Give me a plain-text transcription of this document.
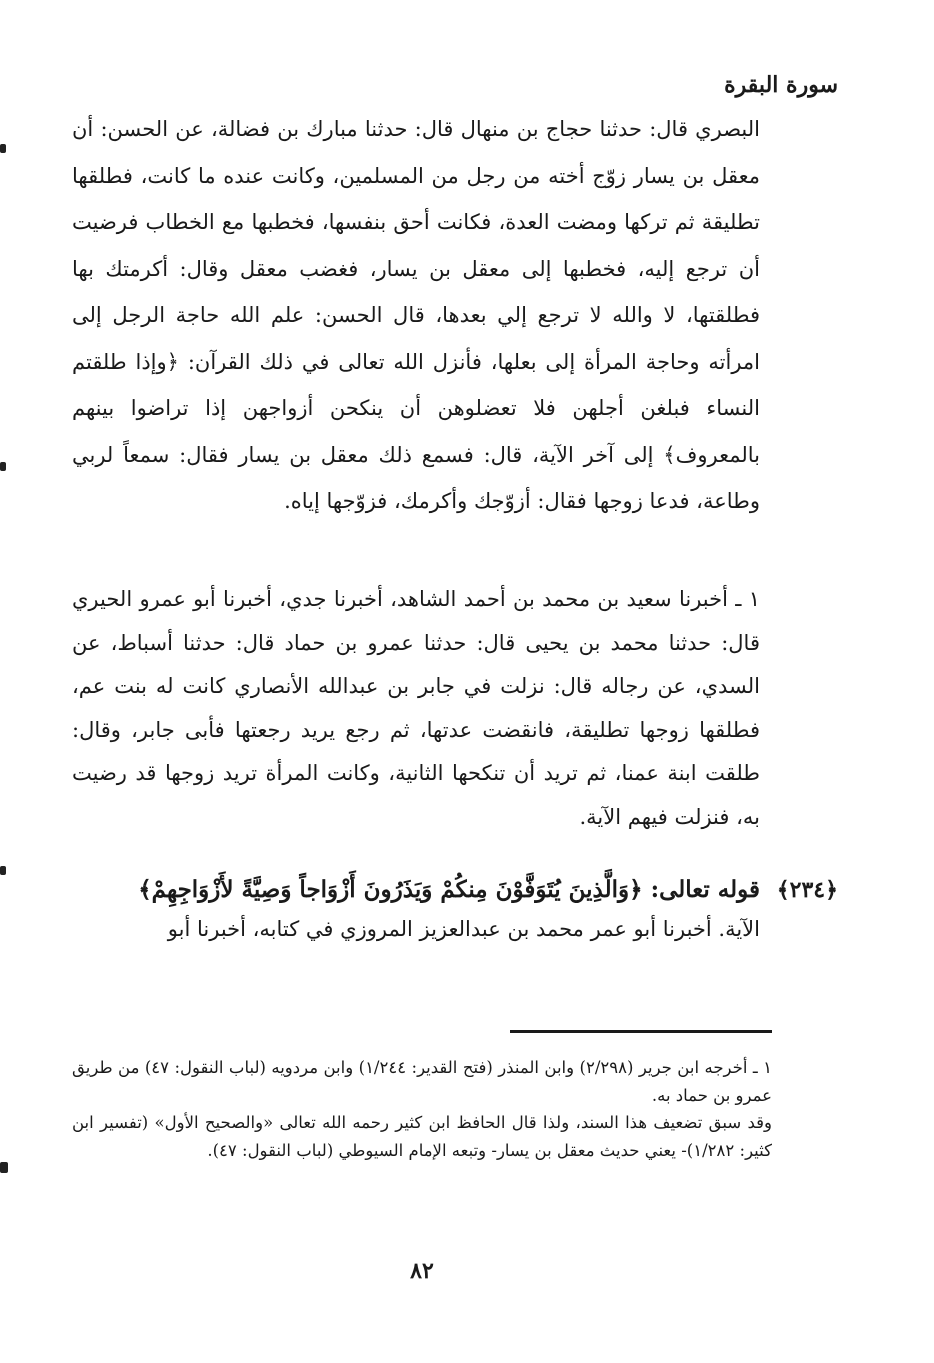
سورة البقرة

البصري قال: حدثنا حجاج بن منهال قال: حدثنا مبارك بن فضالة، عن الحسن: أن معقل بن يسار زوّج أخته من رجل من المسلمين، وكانت عنده ما كانت، فطلقها تطليقة ثم تركها ومضت العدة، فكانت أحق بنفسها، فخطبها مع الخطاب فرضيت أن ترجع إليه، فخطبها إلى معقل بن يسار، فغضب معقل وقال: أكرمتك بها فطلقتها، لا والله لا ترجع إلي بعدها، قال الحسن: علم الله حاجة الرجل إلى امرأته وحاجة المرأة إلى بعلها، فأنزل الله تعالى في ذلك القرآن: ﴿وإذا طلقتم النساء فبلغن أجلهن فلا تعضلوهن أن ينكحن أزواجهن إذا تراضوا بينهم بالمعروف﴾ إلى آخر الآية، قال: فسمع ذلك معقل بن يسار فقال: سمعاً لربي وطاعة، فدعا زوجها فقال: أزوّجك وأكرمك، فزوّجها إياه.

١ ـ أخبرنا سعيد بن محمد بن أحمد الشاهد، أخبرنا جدي، أخبرنا أبو عمرو الحيري قال: حدثنا محمد بن يحيى قال: حدثنا عمرو بن حماد قال: حدثنا أسباط، عن السدي، عن رجاله قال: نزلت في جابر بن عبدالله الأنصاري كانت له بنت عم، فطلقها زوجها تطليقة، فانقضت عدتها، ثم رجع يريد رجعتها فأبى جابر، وقال: طلقت ابنة عمنا، ثم تريد أن تنكحها الثانية، وكانت المرأة تريد زوجها قد رضيت به، فنزلت فيهم الآية.

﴿٢٣٤﴾
قوله تعالى: ﴿وَالَّذِينَ يُتَوَفَّوْنَ مِنكُمْ وَيَذَرُونَ أَزْوَاجاً وَصِيَّةً لأَزْوَاجِهِمْ﴾

الآية. أخبرنا أبو عمر محمد بن عبدالعزيز المروزي في كتابه، أخبرنا أبو

١ ـ أخرجه ابن جرير (٢/٢٩٨) وابن المنذر (فتح القدير: ١/٢٤٤) وابن مردويه (لباب النقول: ٤٧) من طريق عمرو بن حماد به.

وقد سبق تضعيف هذا السند، ولذا قال الحافظ ابن كثير رحمه الله تعالى «والصحيح الأول» (تفسير ابن كثير: ١/٢٨٢)- يعني حديث معقل بن يسار- وتبعه الإمام السيوطي (لباب النقول: ٤٧).

٨٢
